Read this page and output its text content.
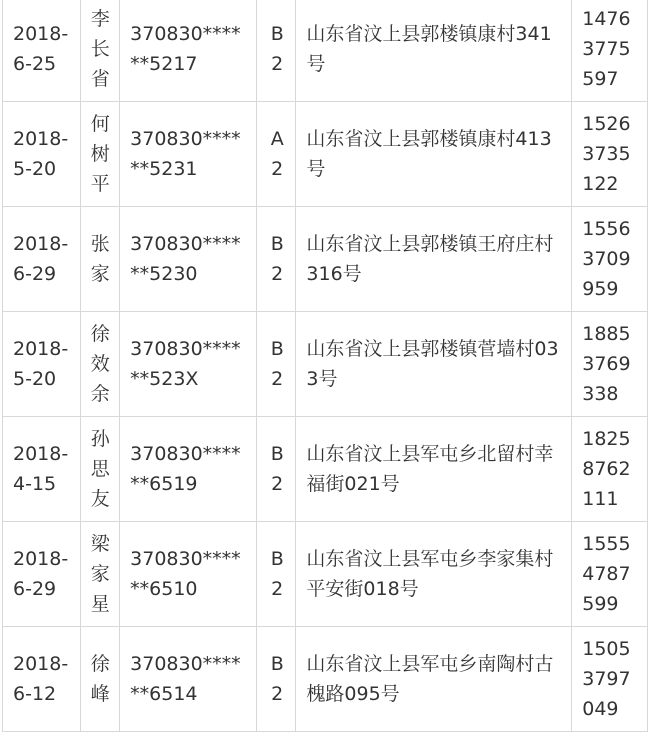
2018-6-25	李长省	370830******5217	B2	山东省汶上县郭楼镇康村341号	14763775597

2018-5-20	何树平	370830******5231	A2	山东省汶上县郭楼镇康村413号	15263735122

2018-6-29	张家	370830******5230	B2	山东省汶上县郭楼镇王府庄村316号	15563709959

2018-5-20	徐效余	370830******523X	B2	山东省汶上县郭楼镇菅墙村033号	18853769338

2018-4-15	孙思友	370830******6519	B2	山东省汶上县军屯乡北留村幸福街021号	18258762111

2018-6-29	梁家星	370830******6510	B2	山东省汶上县军屯乡李家集村平安街018号	15554787599

2018-6-12	徐峰	370830******6514	B2	山东省汶上县军屯乡南陶村古槐路095号	15053797049
